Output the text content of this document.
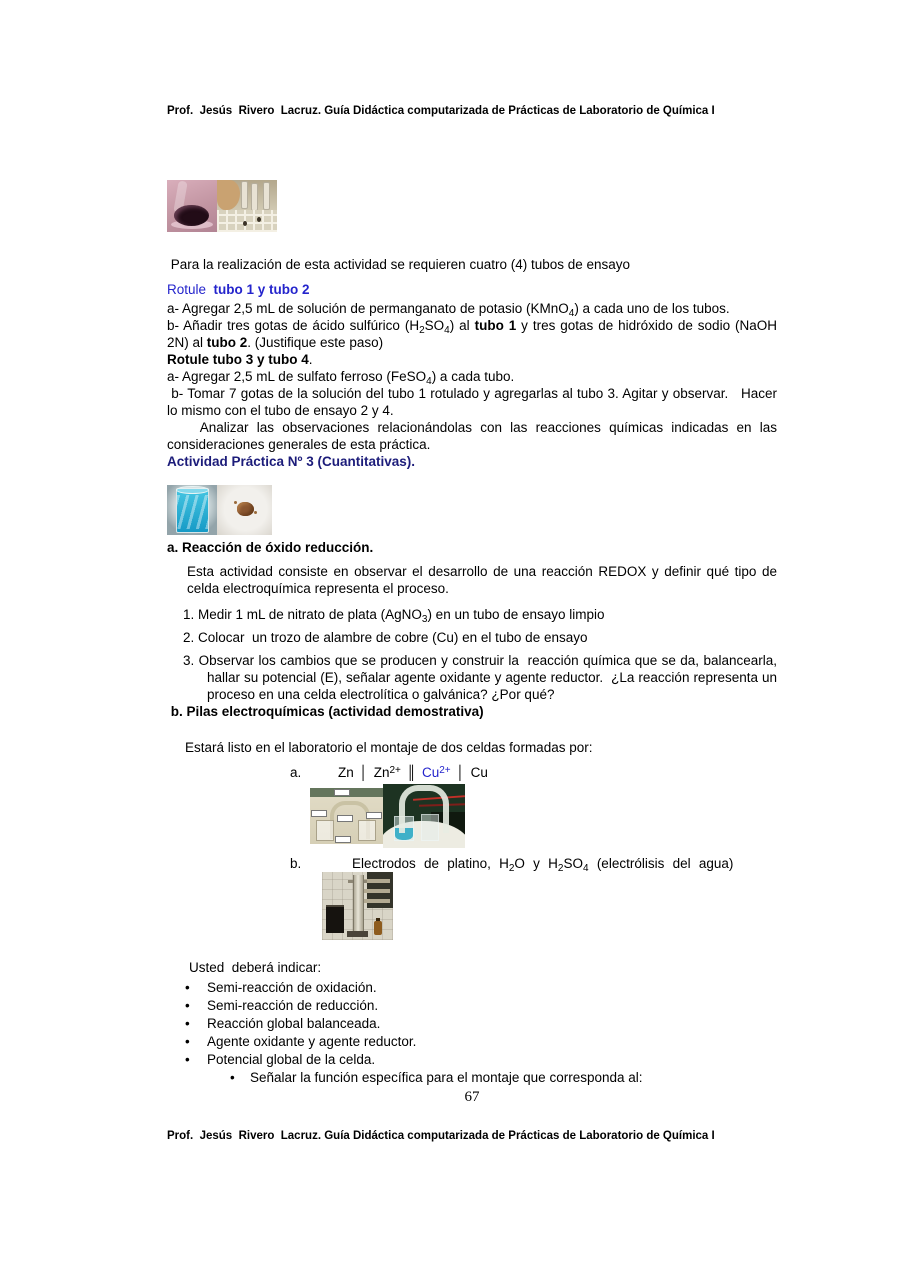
Prof.  Jesús  Rivero  Lacruz. Guía Didáctica computarizada de Prácticas de Laboratorio de Química I

Para la realización de esta actividad se requieren cuatro (4) tubos de ensayo

Rotule  tubo 1 y tubo 2

a- Agregar 2,5 mL de solución de permanganato de potasio (KMnO$_4$) a cada uno de los tubos.

b- Añadir tres gotas de ácido sulfúrico $(H_2SO_4)$ al tubo 1 y tres gotas de hidróxido de sodio (NaOH 2N) al tubo 2. (Justifique este paso)

Rotule tubo 3 y tubo 4.

a- Agregar 2,5 mL de sulfato ferroso (FeSO$_4$) a cada tubo.

b- Tomar 7 gotas de la solución del tubo 1 rotulado y agregarlas al tubo 3. Agitar y observar.   Hacer lo mismo con el tubo de ensayo 2 y 4.

Analizar las observaciones relacionándolas con las reacciones químicas indicadas en las consideraciones generales de esta práctica.

Actividad Práctica Nº 3 (Cuantitativas).

a. Reacción de óxido reducción.

Esta actividad consiste en observar el desarrollo de una reacción REDOX y definir qué tipo de celda electroquímica representa el proceso.

1. Medir 1 mL de nitrato de plata (AgNO$_3$) en un tubo de ensayo limpio

2. Colocar  un trozo de alambre de cobre (Cu) en el tubo de ensayo

3. Observar los cambios que se producen y construir la  reacción química que se da, balancearla, hallar su potencial (E), señalar agente oxidante y agente reductor.  ¿La reacción representa un proceso en una celda electrolítica o galvánica? ¿Por qué?

b. Pilas electroquímicas (actividad demostrativa)

Estará listo en el laboratorio el montaje de dos celdas formadas por:

a.	Zn │ $Zn^{2+}$ ║ $Cu^{2+}$ │ Cu
b.	Electrodos de platino, $H_2O$ y $H_2SO_4$ (electrólisis del agua)

Usted  deberá indicar:

• Semi-reacción de oxidación.
• Semi-reacción de reducción.
• Reacción global balanceada.
• Agente oxidante y agente reductor.
• Potencial global de la celda.

• Señalar la función específica para el montaje que corresponda al:

67

Prof.  Jesús  Rivero  Lacruz. Guía Didáctica computarizada de Prácticas de Laboratorio de Química I
